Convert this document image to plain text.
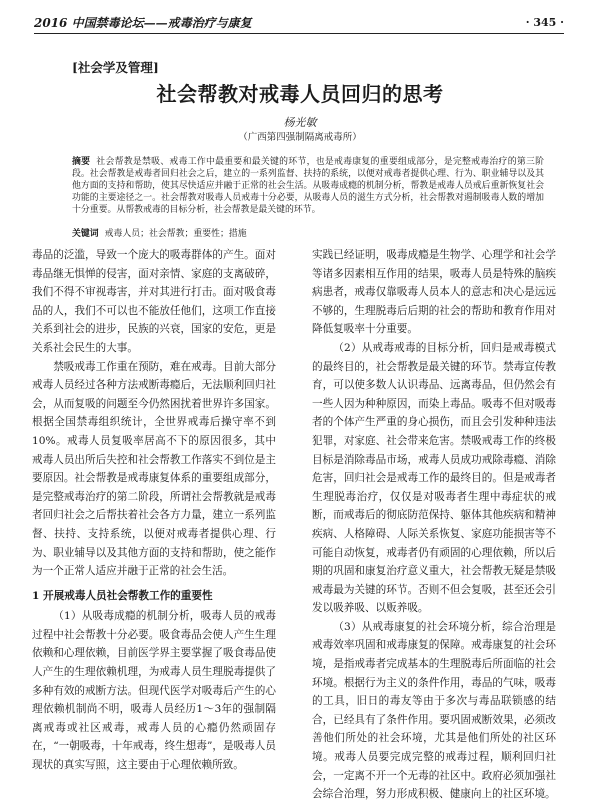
2016 中国禁毒论坛——戒毒治疗与康复	· 345 ·
[社会学及管理]
社会帮教对戒毒人员回归的思考
杨光敏
（广西第四强制隔离戒毒所）
摘要 社会帮教是禁吸、戒毒工作中最重要和最关键的环节，也是戒毒康复的重要组成部分，是完整戒毒治疗的第三阶段。社会帮教是戒毒者回归社会之后，建立的一系列监督、扶持的系统，以便对戒毒者提供心理、行为、职业辅导以及其他方面的支持和帮助，使其尽快适应并融于正常的社会生活。从吸毒成瘾的机制分析，帮教是戒毒人员戒后重新恢复社会功能的主要途径之一。社会帮教对吸毒人员戒毒十分必要，从吸毒人员的滋生方式分析，社会帮教对遏制吸毒人数的增加十分重要。从帮教戒毒的目标分析，社会帮教是最关键的环节。
关键词 戒毒人员；社会帮教；重要性；措施

毒品的泛滥，导致一个庞大的吸毒群体的产生。面对毒品继无惧惮的侵害，面对亲情、家庭的支离破碎，我们不得不审视毒害，并对其进行打击。面对吸食毒品的人，我们不可以也不能放任他们，这项工作直接关系到社会的进步，民族的兴衰，国家的安危，更是关系社会民生的大事。

禁吸戒毒工作重在预防，难在戒毒。目前大部分戒毒人员经过各种方法戒断毒瘾后，无法顺利回归社会，从而复吸的问题至今仍然困扰着世界许多国家。根据全国禁毒组织统计，全世界戒毒后操守率不到10%。戒毒人员复吸率居高不下的原因很多，其中戒毒人员出所后失控和社会帮教工作落实不到位是主要原因。社会帮教是戒毒康复体系的重要组成部分，是完整戒毒治疗的第二阶段，所谓社会帮教就是戒毒者回归社会之后帮扶着社会各方力量，建立一系列监督、扶持、支持系统，以便对戒毒者提供心理、行为、职业辅导以及其他方面的支持和帮助，使之能作为一个正常人适应并融于正常的社会生活。

1 开展戒毒人员社会帮教工作的重要性

（1）从吸毒成瘾的机制分析，吸毒人员的戒毒过程中社会帮教十分必要。吸食毒品会使人产生生理依赖和心理依赖，目前医学界主要掌握了吸食毒品使人产生的生理依赖机理，为戒毒人员生理脱毒提供了多种有效的戒断方法。但现代医学对吸毒后产生的心理依赖机制尚不明，吸毒人员经历1～3年的强制隔离戒毒或社区戒毒，戒毒人员的心瘾仍然顽固存在，“一朝吸毒，十年戒毒，终生想毒”，是吸毒人员现状的真实写照，这主要由于心理依赖所致。

实践已经证明，吸毒成瘾是生物学、心理学和社会学等诸多因素相互作用的结果，吸毒人员是特殊的脑疾病患者，戒毒仅靠吸毒人员本人的意志和决心是远远不够的，生理脱毒后后期的社会的帮助和教育作用对降低复吸率十分重要。

（2）从戒毒戒毒的目标分析，回归是戒毒模式的最终目的，社会帮教是最关键的环节。禁毒宣传教育，可以使多数人认识毒品、远离毒品，但仍然会有一些人因为种种原因，而染上毒品。吸毒不但对吸毒者的个体产生严重的身心损伤，而且会引发种种违法犯罪，对家庭、社会带来危害。禁吸戒毒工作的终极目标是消除毒品市场，戒毒人员成功戒除毒瘾、消除危害，回归社会是戒毒工作的最终目的。但是戒毒者生理脱毒治疗，仅仅是对吸毒者生理中毒症状的戒断，而戒毒后的彻底防范保持、躯体其他疾病和精神疾病、人格障碍、人际关系恢复、家庭功能损害等不可能自动恢复，戒毒者仍有顽固的心理依赖，所以后期的巩固和康复治疗意义重大，社会帮教无疑是禁吸戒毒最为关键的环节。否则不但会复吸，甚至还会引发以吸养吸、以贩养吸。

（3）从戒毒康复的社会环境分析，综合治理是戒毒效率巩固和戒毒康复的保障。戒毒康复的社会环境，是指戒毒者完成基本的生理脱毒后所面临的社会环境。根据行为主义的条件作用，毒品的气味，吸毒的工具，旧日的毒友等由于多次与毒品联锁感的结合，已经具有了条件作用。要巩固戒断效果，必须改善他们所处的社会环境，尤其是他们所处的社区环境。戒毒人员要完成完整的戒毒过程，顺利回归社会，一定离不开一个无毒的社区中。政府必须加强社会综合治理，努力形成积极、健康向上的社区环境。
